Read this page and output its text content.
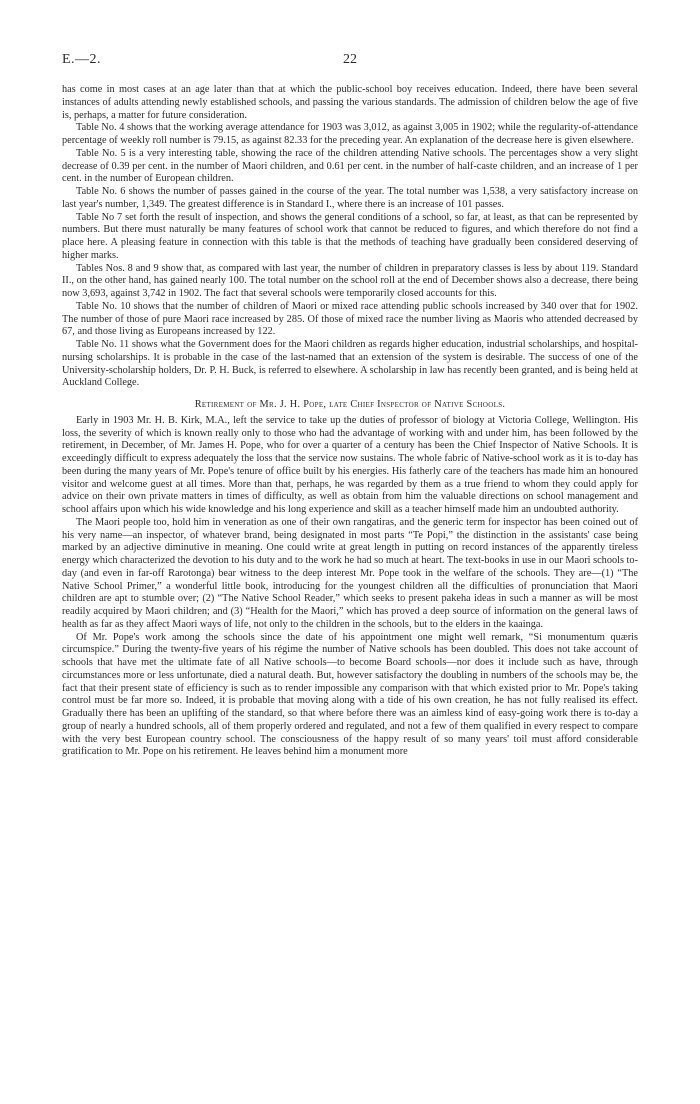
E.—2.	22

has come in most cases at an age later than that at which the public-school boy receives education. Indeed, there have been several instances of adults attending newly established schools, and passing the various standards. The admission of children below the age of five is, perhaps, a matter for future consideration.

Table No. 4 shows that the working average attendance for 1903 was 3,012, as against 3,005 in 1902; while the regularity-of-attendance percentage of weekly roll number is 79.15, as against 82.33 for the preceding year. An explanation of the decrease here is given elsewhere.

Table No. 5 is a very interesting table, showing the race of the children attending Native schools. The percentages show a very slight decrease of 0.39 per cent. in the number of Maori children, and 0.61 per cent. in the number of half-caste children, and an increase of 1 per cent. in the number of European children.

Table No. 6 shows the number of passes gained in the course of the year. The total number was 1,538, a very satisfactory increase on last year's number, 1,349. The greatest difference is in Standard I., where there is an increase of 101 passes.

Table No 7 set forth the result of inspection, and shows the general conditions of a school, so far, at least, as that can be represented by numbers. But there must naturally be many features of school work that cannot be reduced to figures, and which therefore do not find a place here. A pleasing feature in connection with this table is that the methods of teaching have gradually been considered deserving of higher marks.

Tables Nos. 8 and 9 show that, as compared with last year, the number of children in preparatory classes is less by about 119. Standard II., on the other hand, has gained nearly 100. The total number on the school roll at the end of December shows also a decrease, there being now 3,693, against 3,742 in 1902. The fact that several schools were temporarily closed accounts for this.

Table No. 10 shows that the number of children of Maori or mixed race attending public schools increased by 340 over that for 1902. The number of those of pure Maori race increased by 285. Of those of mixed race the number living as Maoris who attended decreased by 67, and those living as Europeans increased by 122.

Table No. 11 shows what the Government does for the Maori children as regards higher education, industrial scholarships, and hospital-nursing scholarships. It is probable in the case of the last-named that an extension of the system is desirable. The success of one of the University-scholarship holders, Dr. P. H. Buck, is referred to elsewhere. A scholarship in law has recently been granted, and is being held at Auckland College.

Retirement of Mr. J. H. Pope, late Chief Inspector of Native Schools.

Early in 1903 Mr. H. B. Kirk, M.A., left the service to take up the duties of professor of biology at Victoria College, Wellington. His loss, the severity of which is known really only to those who had the advantage of working with and under him, has been followed by the retirement, in December, of Mr. James H. Pope, who for over a quarter of a century has been the Chief Inspector of Native Schools. It is exceedingly difficult to express adequately the loss that the service now sustains. The whole fabric of Native-school work as it is to-day has been during the many years of Mr. Pope's tenure of office built by his energies. His fatherly care of the teachers has made him an honoured visitor and welcome guest at all times. More than that, perhaps, he was regarded by them as a true friend to whom they could apply for advice on their own private matters in times of difficulty, as well as obtain from him the valuable directions on school management and school affairs upon which his wide knowledge and his long experience and skill as a teacher himself made him an undoubted authority.

The Maori people too, hold him in veneration as one of their own rangatiras, and the generic term for inspector has been coined out of his very name—an inspector, of whatever brand, being designated in most parts “Te Popi,” the distinction in the assistants' case being marked by an adjective diminutive in meaning. One could write at great length in putting on record instances of the apparently tireless energy which characterized the devotion to his duty and to the work he had so much at heart. The text-books in use in our Maori schools to-day (and even in far-off Rarotonga) bear witness to the deep interest Mr. Pope took in the welfare of the schools. They are—(1) “The Native School Primer,” a wonderful little book, introducing for the youngest children all the difficulties of pronunciation that Maori children are apt to stumble over; (2) “The Native School Reader,” which seeks to present pakeha ideas in such a manner as will be most readily acquired by Maori children; and (3) “Health for the Maori,” which has proved a deep source of information on the general laws of health as far as they affect Maori ways of life, not only to the children in the schools, but to the elders in the kaainga.

Of Mr. Pope's work among the schools since the date of his appointment one might well remark, “Si monumentum quæris circumspice.” During the twenty-five years of his régime the number of Native schools has been doubled. This does not take account of schools that have met the ultimate fate of all Native schools—to become Board schools—nor does it include such as have, through circumstances more or less unfortunate, died a natural death. But, however satisfactory the doubling in numbers of the schools may be, the fact that their present state of efficiency is such as to render impossible any comparison with that which existed prior to Mr. Pope's taking control must be far more so. Indeed, it is probable that moving along with a tide of his own creation, he has not fully realised its effect. Gradually there has been an uplifting of the standard, so that where before there was an aimless kind of easy-going work there is to-day a group of nearly a hundred schools, all of them properly ordered and regulated, and not a few of them qualified in every respect to compare with the very best European country school. The consciousness of the happy result of so many years' toil must afford considerable gratification to Mr. Pope on his retirement. He leaves behind him a monument more
